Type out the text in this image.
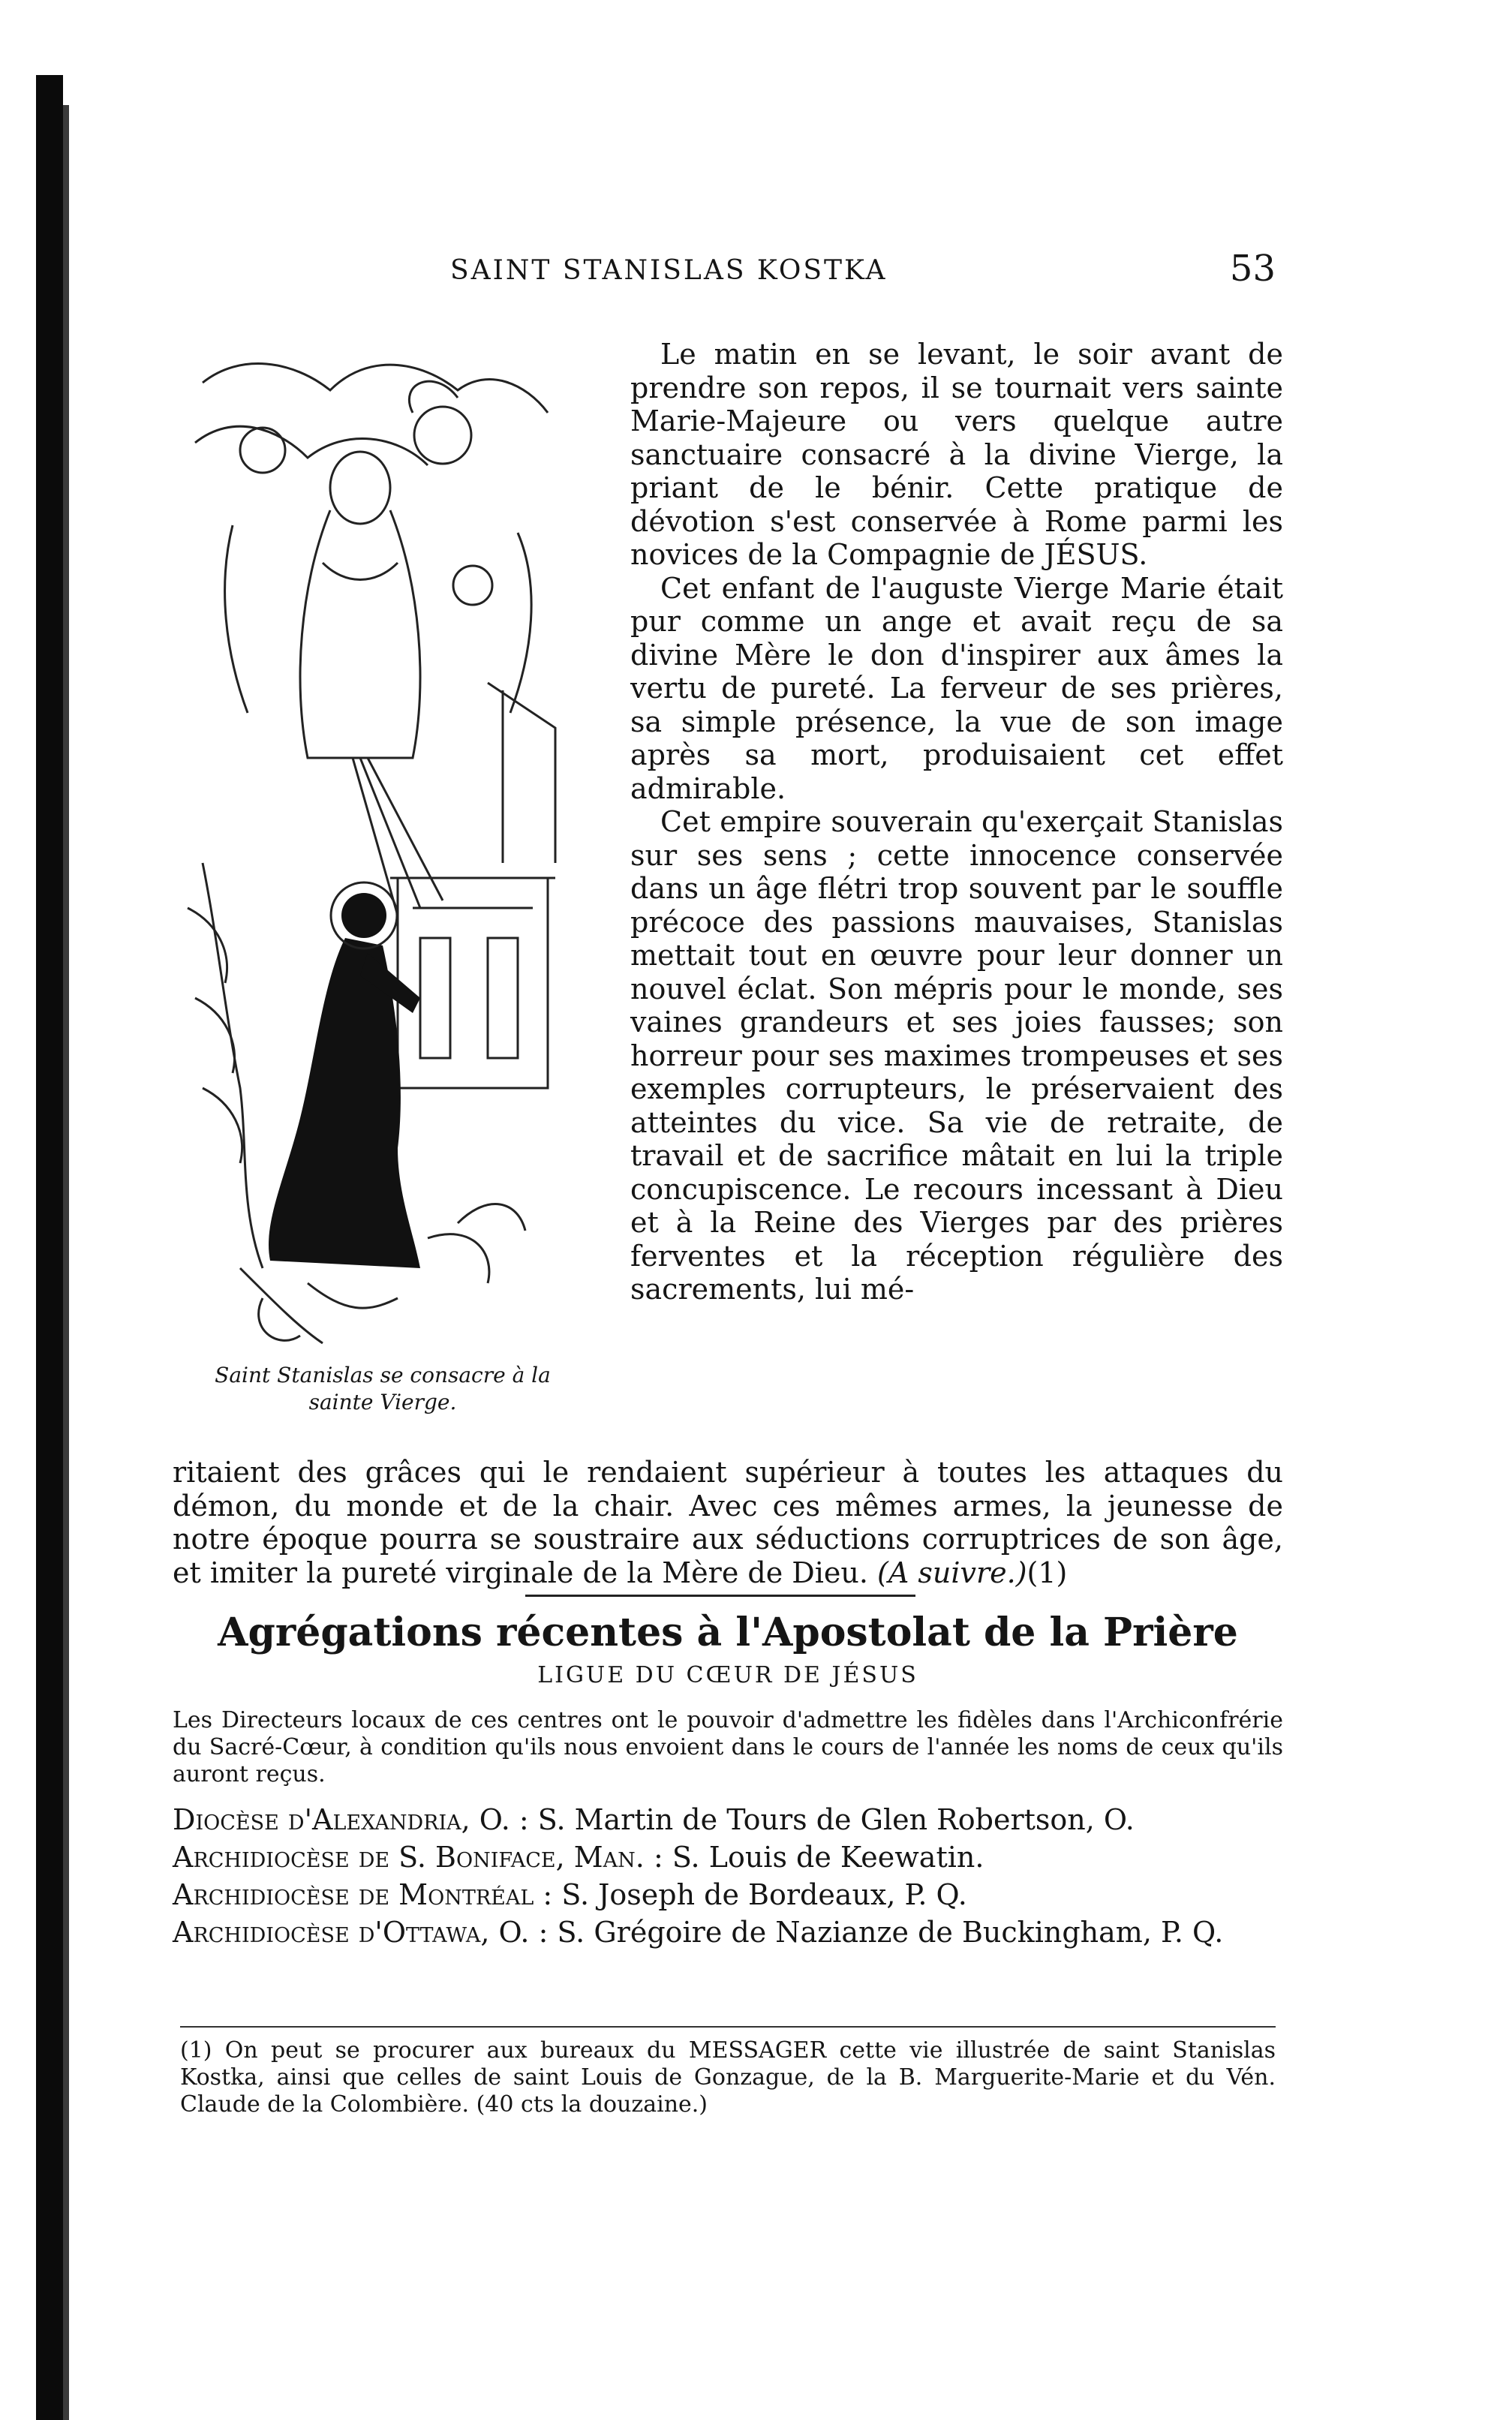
SAINT STANISLAS KOSTKA	53
Saint Stanislas se consacre à la
sainte Vierge.

Le matin en se levant, le soir avant de prendre son repos, il se tournait vers sainte Marie-Majeure ou vers quelque autre sanctuaire consacré à la divine Vierge, la priant de le bénir. Cette pratique de dévotion s'est conservée à Rome parmi les novices de la Compagnie de JÉSUS.

Cet enfant de l'auguste Vierge Marie était pur comme un ange et avait reçu de sa divine Mère le don d'inspirer aux âmes la vertu de pureté. La ferveur de ses prières, sa simple présence, la vue de son image après sa mort, produisaient cet effet admirable.

Cet empire souverain qu'exerçait Stanislas sur ses sens ; cette innocence conservée dans un âge flétri trop souvent par le souffle précoce des passions mauvaises, Stanislas mettait tout en œuvre pour leur donner un nouvel éclat. Son mépris pour le monde, ses vaines grandeurs et ses joies fausses; son horreur pour ses maximes trompeuses et ses exemples corrupteurs, le préservaient des atteintes du vice. Sa vie de retraite, de travail et de sacrifice mâtait en lui la triple concupiscence. Le recours incessant à Dieu et à la Reine des Vierges par des prières ferventes et la réception régulière des sacrements, lui mé-

ritaient des grâces qui le rendaient supérieur à toutes les attaques du démon, du monde et de la chair. Avec ces mêmes armes, la jeunesse de notre époque pourra se soustraire aux séductions corruptrices de son âge, et imiter la pureté virginale de la Mère de Dieu. (A suivre.)(1)
Agrégations récentes à l'Apostolat de la Prière
LIGUE DU CŒUR DE JÉSUS
Les Directeurs locaux de ces centres ont le pouvoir d'admettre les fidèles dans l'Archiconfrérie du Sacré-Cœur, à condition qu'ils nous envoient dans le cours de l'année les noms de ceux qu'ils auront reçus.

Diocèse d'Alexandria, O. : S. Martin de Tours de Glen Robertson, O.

Archidiocèse de S. Boniface, Man. : S. Louis de Keewatin.

Archidiocèse de Montréal : S. Joseph de Bordeaux, P. Q.

Archidiocèse d'Ottawa, O. : S. Grégoire de Nazianze de Buckingham, P. Q.

(1) On peut se procurer aux bureaux du MESSAGER cette vie illustrée de saint Stanislas Kostka, ainsi que celles de saint Louis de Gonzague, de la B. Marguerite-Marie et du Vén. Claude de la Colombière. (40 cts la douzaine.)
